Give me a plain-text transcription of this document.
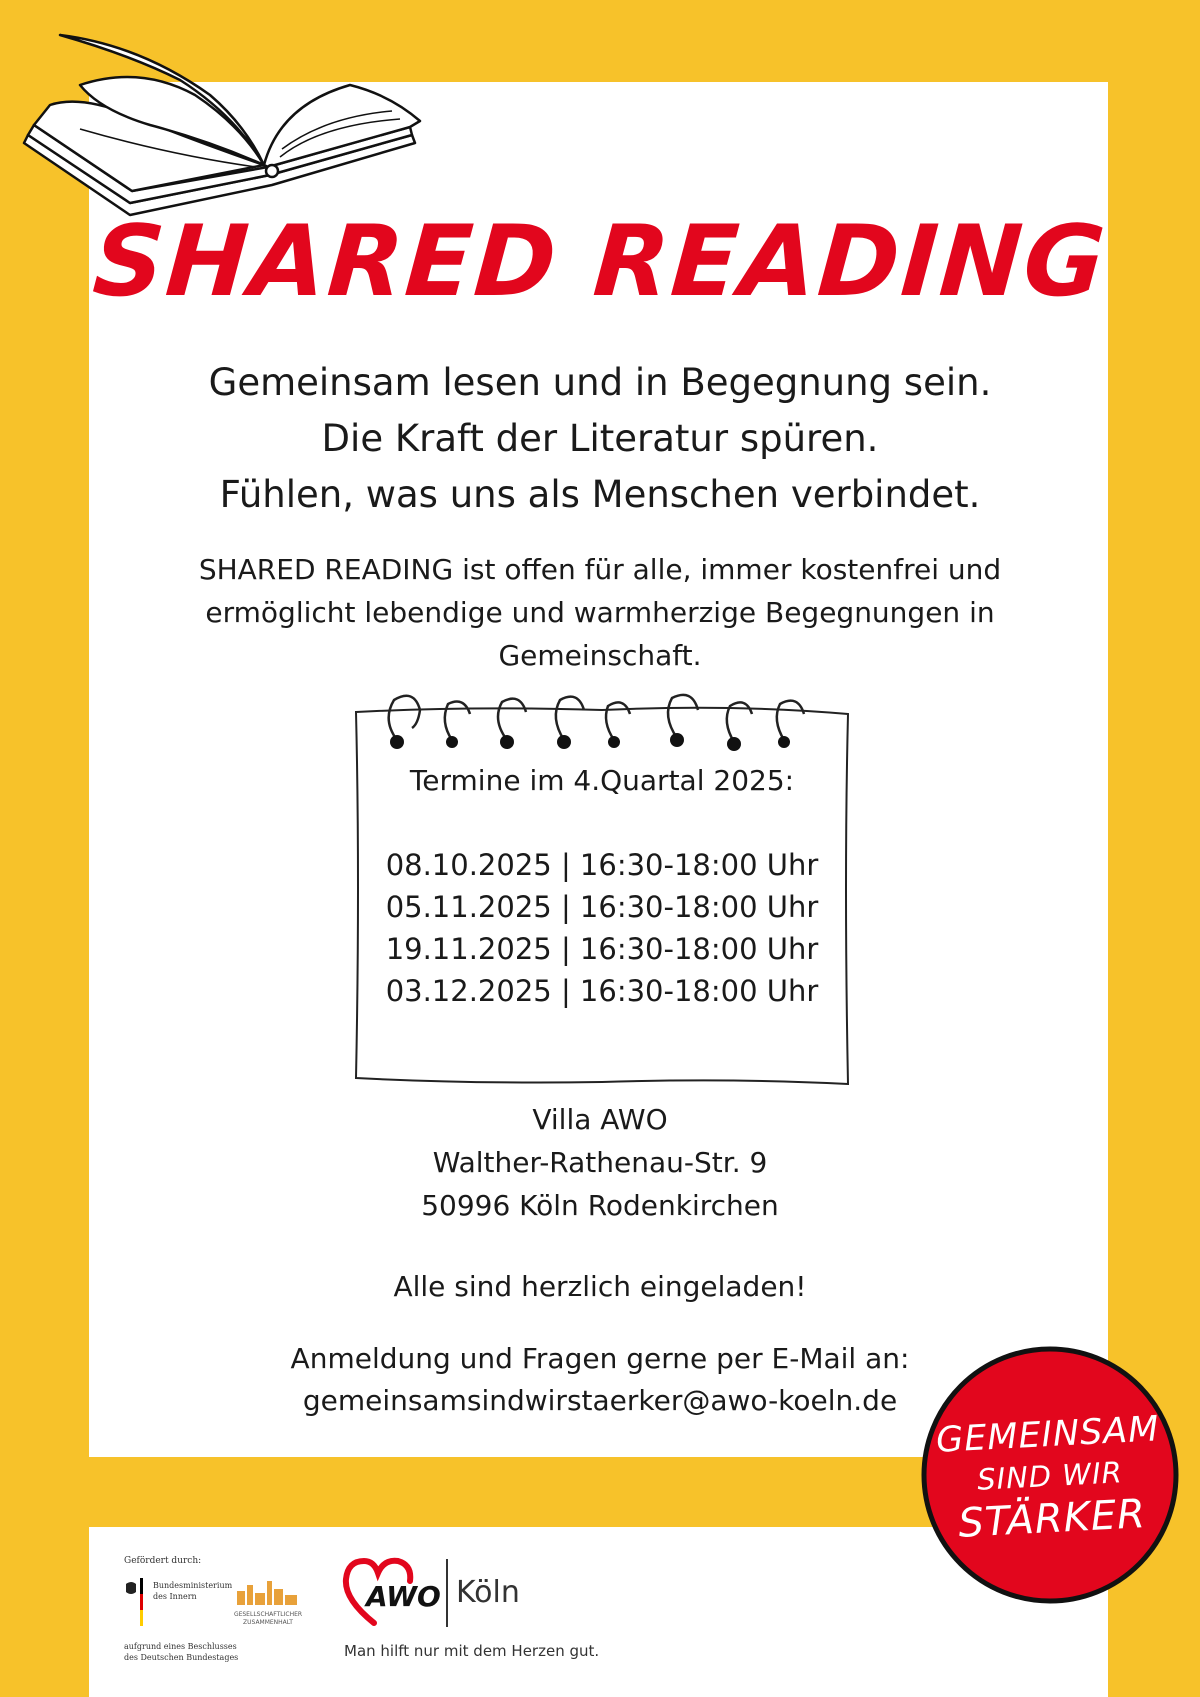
SHARED READING
Gemeinsam lesen und in Begegnung sein.
Die Kraft der Literatur spüren.
Fühlen, was uns als Menschen verbindet.
SHARED READING ist offen für alle, immer kostenfrei und ermöglicht lebendige und warmherzige Begegnungen in Gemeinschaft.
Termine im 4.Quartal 2025:
08.10.2025 | 16:30-18:00 Uhr
05.11.2025 | 16:30-18:00 Uhr
19.11.2025 | 16:30-18:00 Uhr
03.12.2025 | 16:30-18:00 Uhr
Villa AWO
Walther-Rathenau-Str. 9
50996 Köln Rodenkirchen
Alle sind herzlich eingeladen!
Anmeldung und Fragen gerne per E-Mail an:
gemeinsamsindwirstaerker@awo-koeln.de
GEMEINSAM
SIND WIR
STÄRKER
Gefördert durch:
Bundesministerium
des Innern
GESELLSCHAFTLICHER
ZUSAMMENHALT
aufgrund eines Beschlusses
des Deutschen Bundestages
AWO Köln
Man hilft nur mit dem Herzen gut.
